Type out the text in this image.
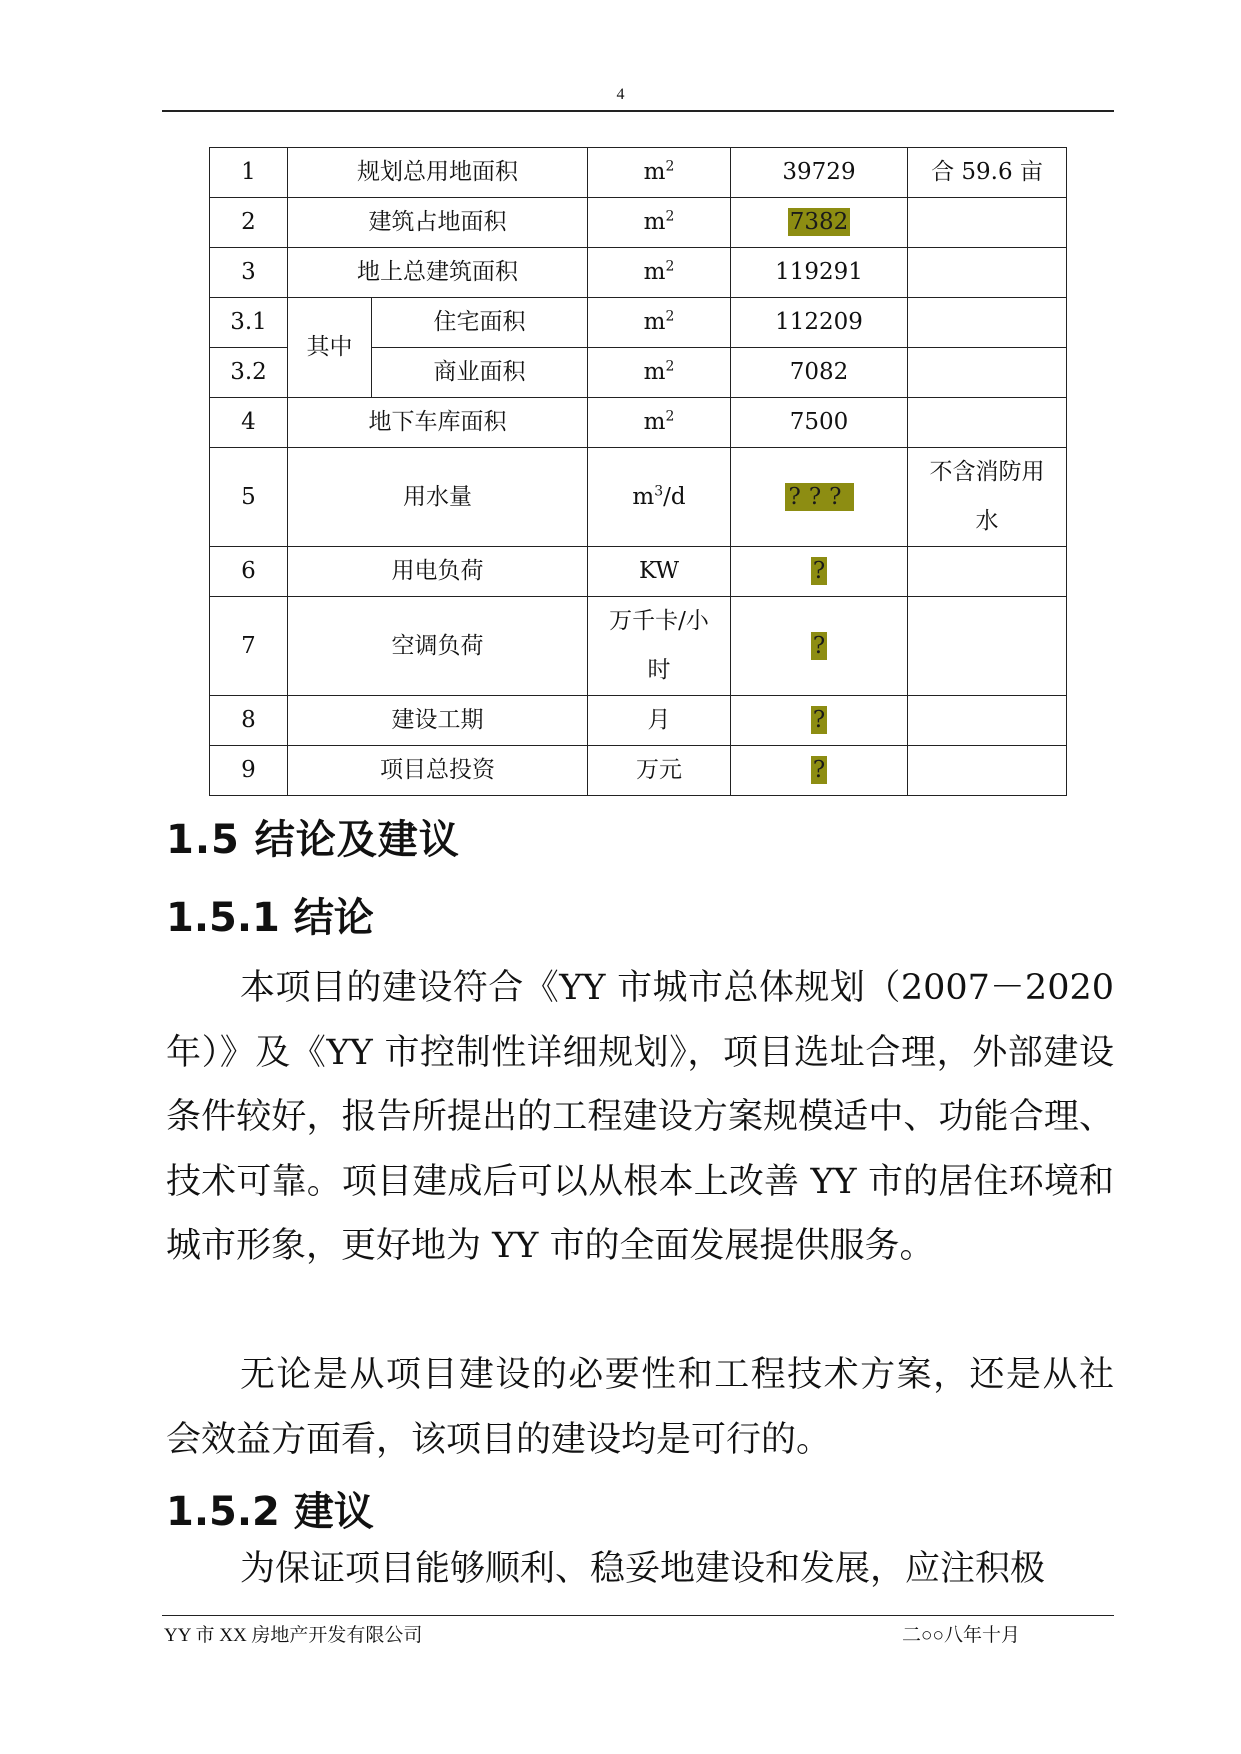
4
1	规划总用地面积		$m^2$	39729	合 59.6 亩
2	建筑占地面积		$m^2$	7382	
3	地上总建筑面积		$m^2$	119291	
3.1	其中	住宅面积	$m^2$	112209	
3.2		商业面积	$m^2$	7082	
4	地下车库面积		$m^2$	7500	
5	用水量		$m^3/d$	???	不含消防用水
6	用电负荷		KW	?	
7	空调负荷		万千卡/小时	?	
8	建设工期		月	?	
9	项目总投资		万元	?	
1.5 结论及建议
1.5.1 结论

本项目的建设符合《YY 市城市总体规划（2007－2020 年）》及《YY 市控制性详细规划》，项目选址合理，外部建设条件较好，报告所提出的工程建设方案规模适中、功能合理、技术可靠。项目建成后可以从根本上改善 YY 市的居住环境和城市形象，更好地为 YY 市的全面发展提供服务。

无论是从项目建设的必要性和工程技术方案，还是从社会效益方面看，该项目的建设均是可行的。

1.5.2 建议

为保证项目能够顺利、稳妥地建设和发展，应注积极

YY 市 XX 房地产开发有限公司	二○○八年十月
